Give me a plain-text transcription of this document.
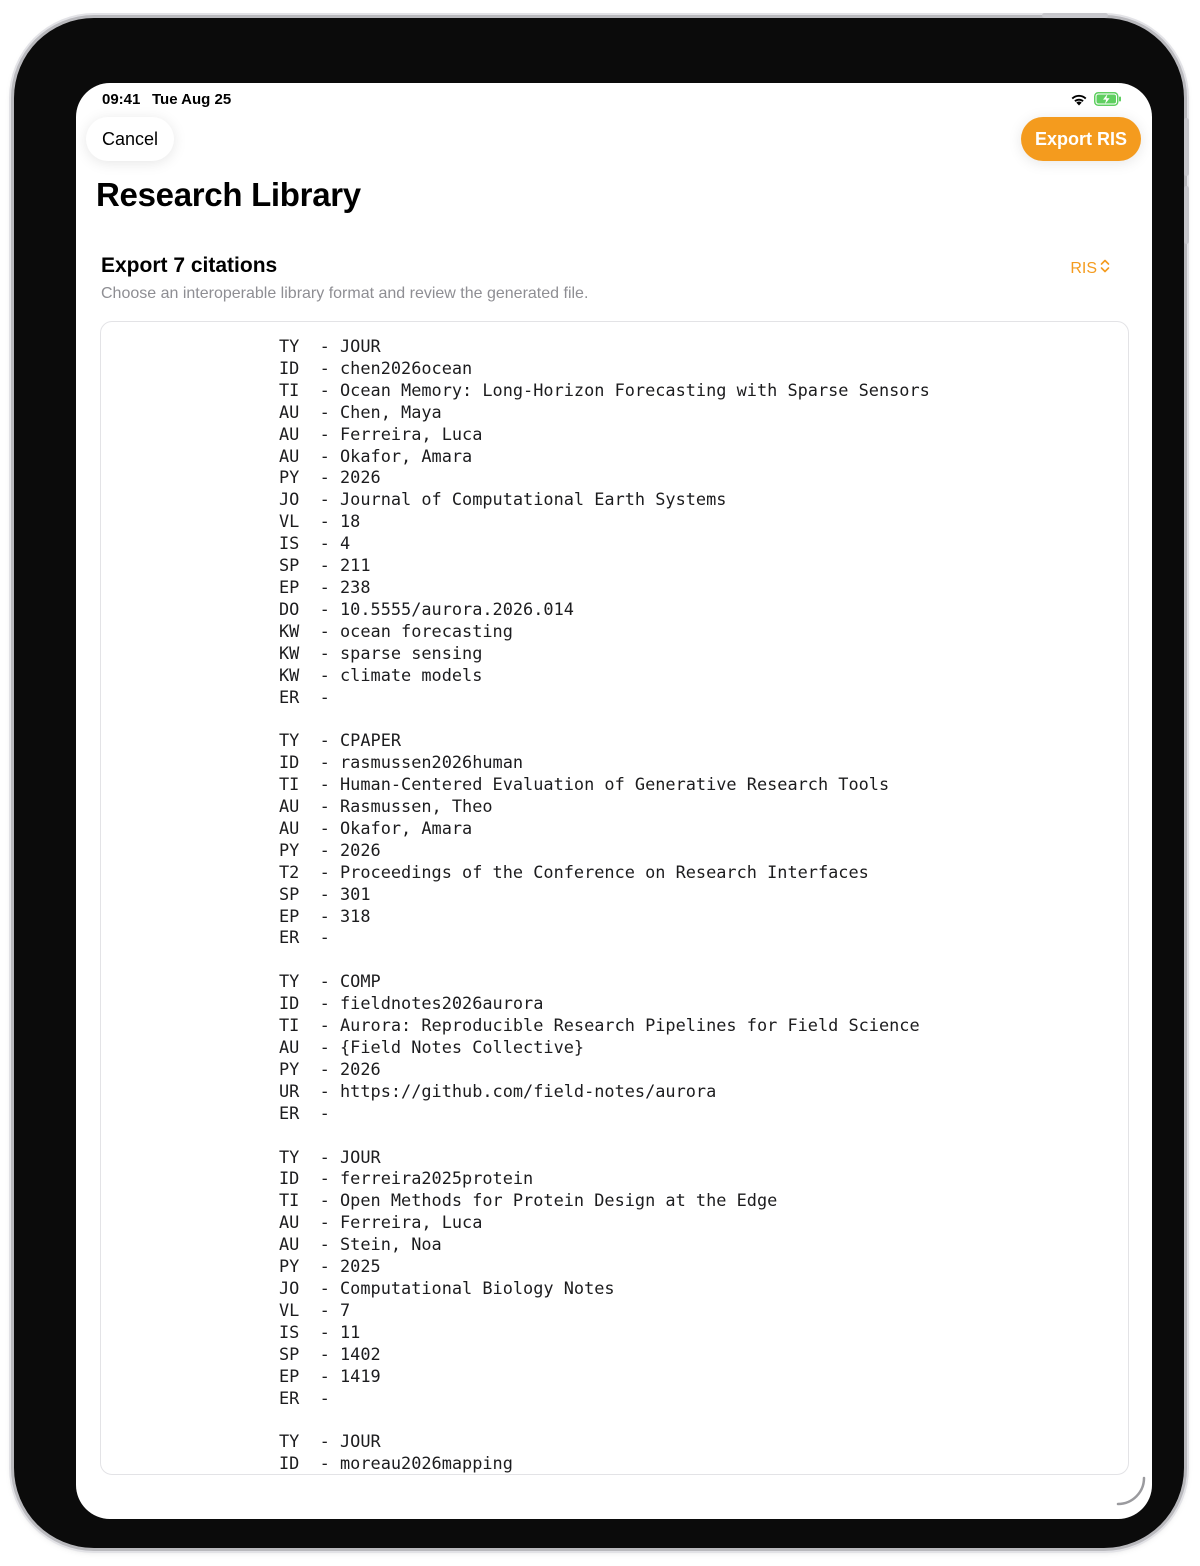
09:41 Tue Aug 25
Cancel	Export RIS
Research Library
Export 7 citations
Choose an interoperable library format and review the generated file.
RIS
TY  - JOUR
ID  - chen2026ocean
TI  - Ocean Memory: Long-Horizon Forecasting with Sparse Sensors
AU  - Chen, Maya
AU  - Ferreira, Luca
AU  - Okafor, Amara
PY  - 2026
JO  - Journal of Computational Earth Systems
VL  - 18
IS  - 4
SP  - 211
EP  - 238
DO  - 10.5555/aurora.2026.014
KW  - ocean forecasting
KW  - sparse sensing
KW  - climate models
ER  -

TY  - CPAPER
ID  - rasmussen2026human
TI  - Human-Centered Evaluation of Generative Research Tools
AU  - Rasmussen, Theo
AU  - Okafor, Amara
PY  - 2026
T2  - Proceedings of the Conference on Research Interfaces
SP  - 301
EP  - 318
ER  -

TY  - COMP
ID  - fieldnotes2026aurora
TI  - Aurora: Reproducible Research Pipelines for Field Science
AU  - {Field Notes Collective}
PY  - 2026
UR  - https://github.com/field-notes/aurora
ER  -

TY  - JOUR
ID  - ferreira2025protein
TI  - Open Methods for Protein Design at the Edge
AU  - Ferreira, Luca
AU  - Stein, Noa
PY  - 2025
JO  - Computational Biology Notes
VL  - 7
IS  - 11
SP  - 1402
EP  - 1419
ER  -

TY  - JOUR
ID  - moreau2026mapping
